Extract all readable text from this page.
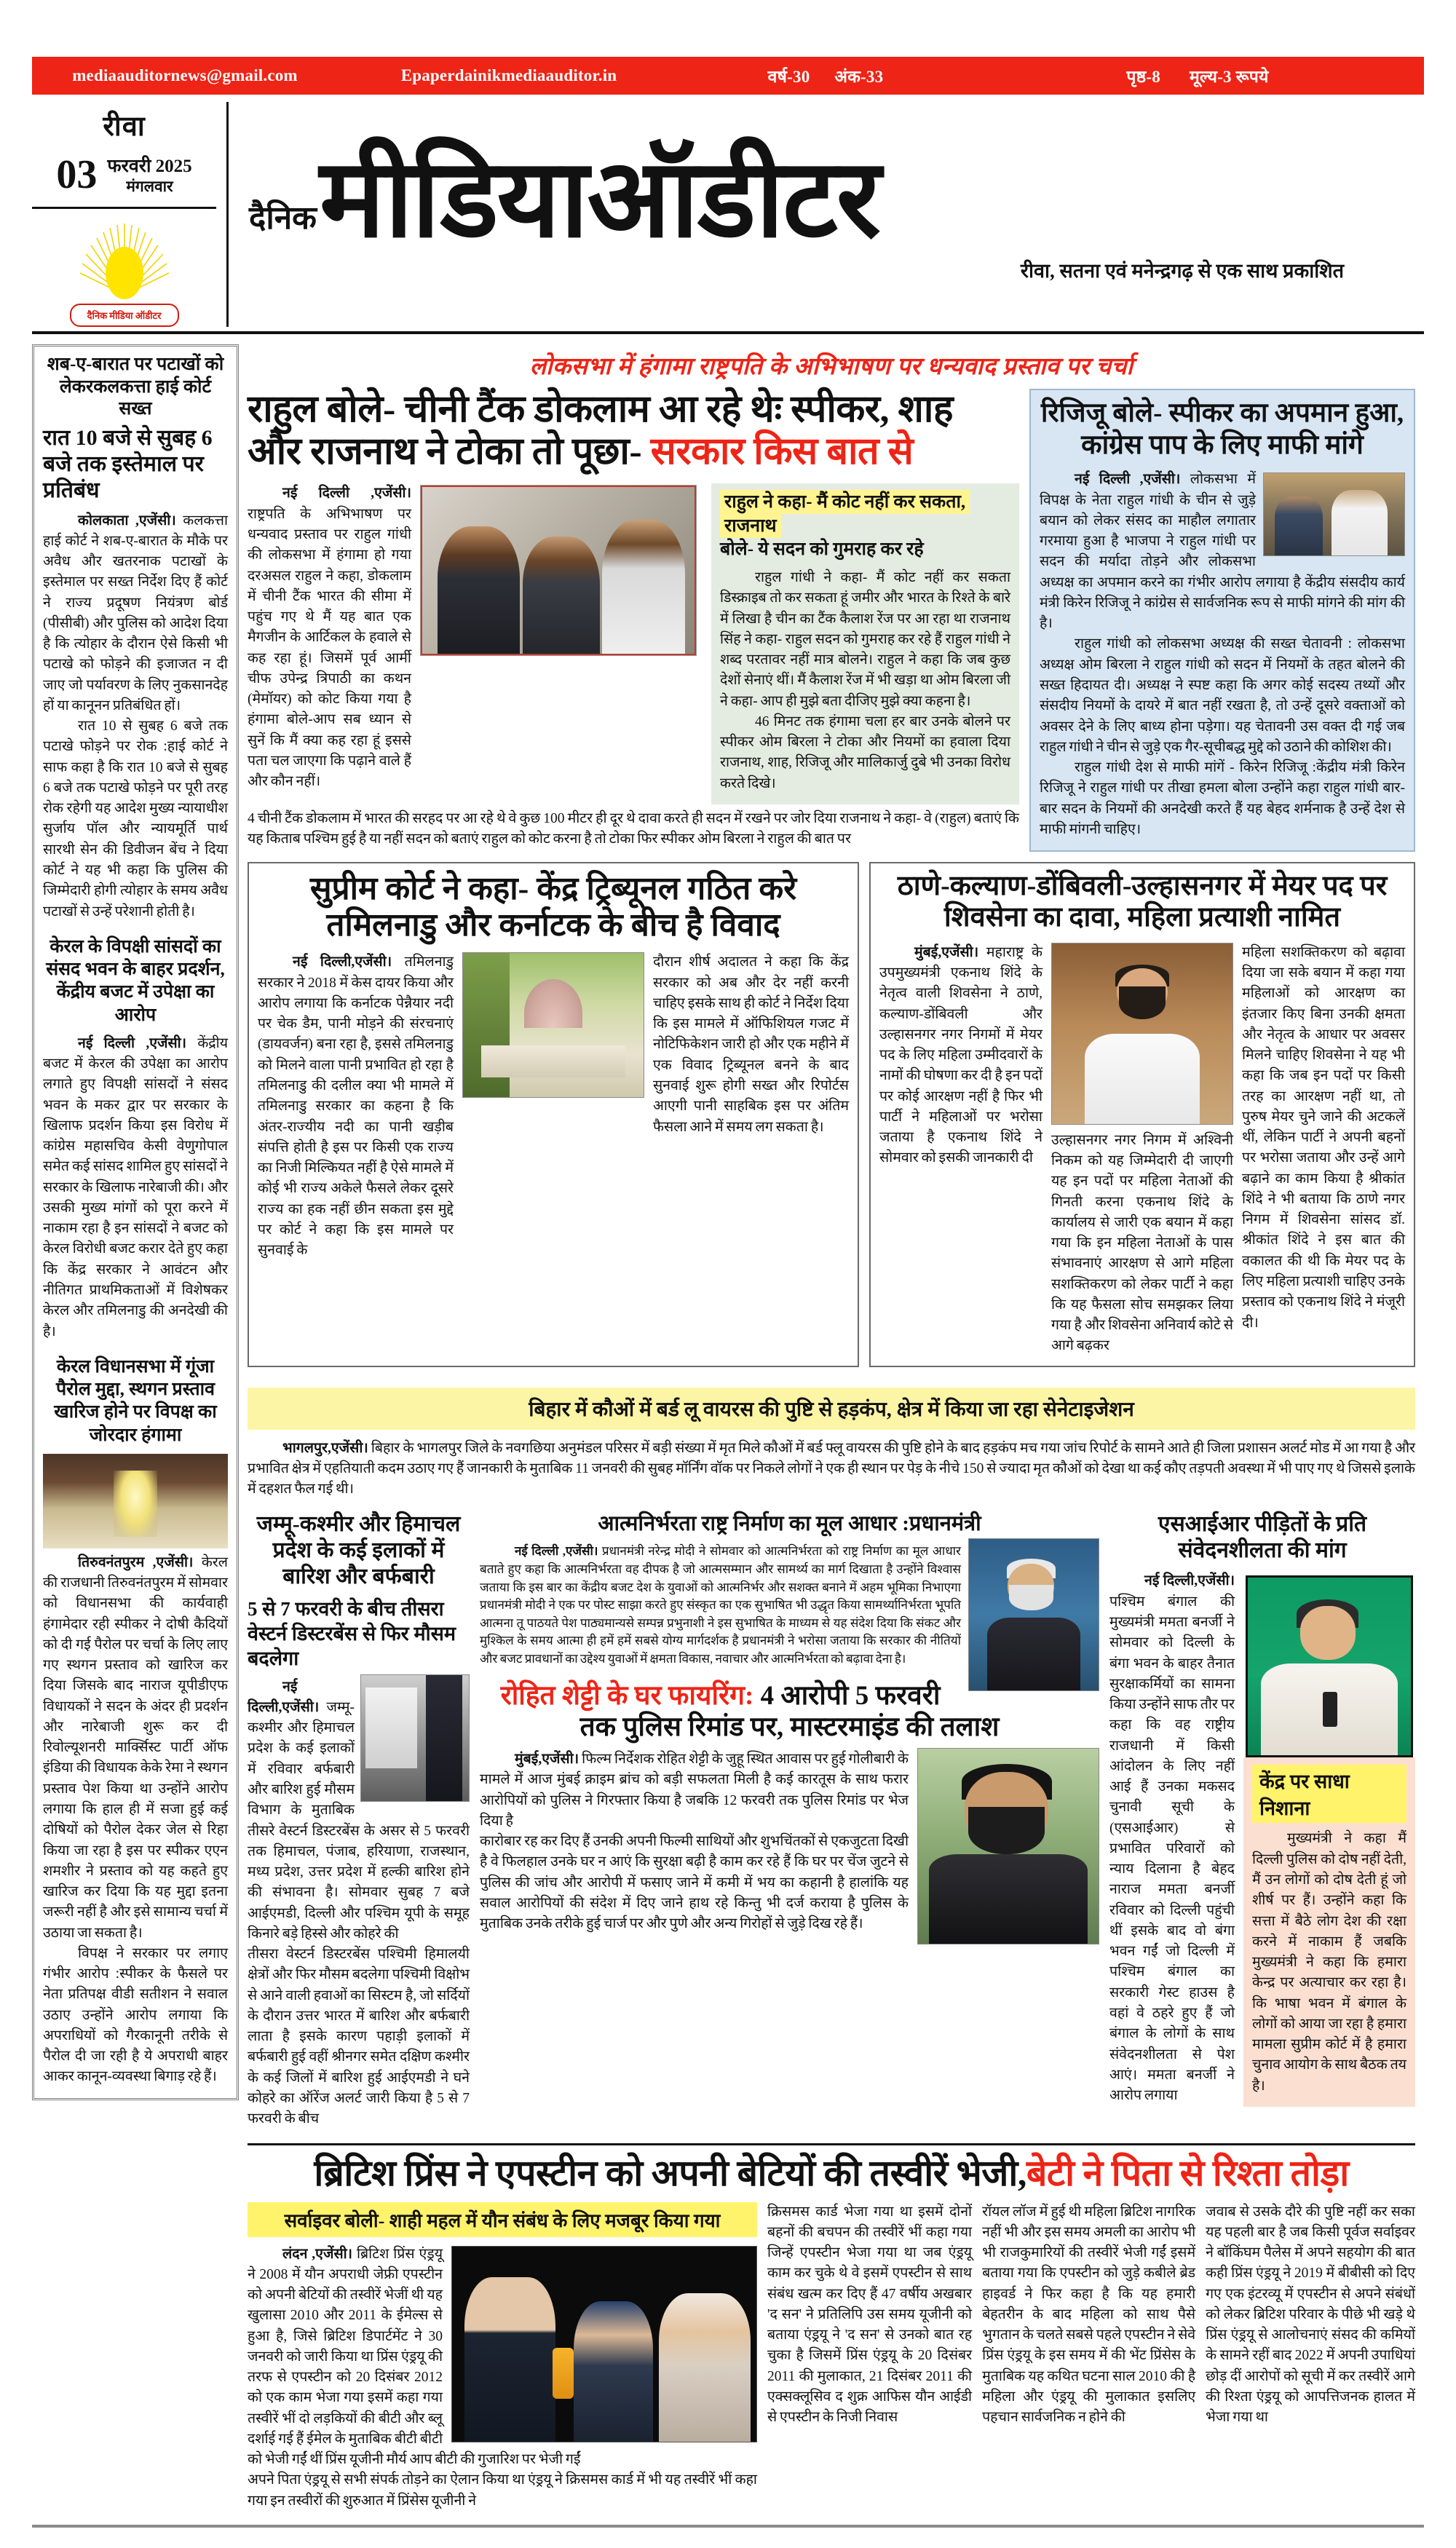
mediaauditornews@gmail.com	Epaperdainikmediaauditor.in	वर्ष-30 अंक-33	पृष्ठ-8 मूल्य-3 रूपये
रीवा
03 फरवरी 2025
मंगलवार
दैनिक मीडिया ऑडीटर
दैनिक मीडियाऑडीटर
रीवा, सतना एवं मनेन्द्रगढ़ से एक साथ प्रकाशित
शब-ए-बारात पर पटाखों को लेकरकलकत्ता हाई कोर्ट सख्त
रात 10 बजे से सुबह 6 बजे तक इस्तेमाल पर प्रतिबंध

कोलकाता ,एजेंसी। कलकत्ता हाई कोर्ट ने शब-ए-बारात के मौके पर अवैध और खतरनाक पटाखों के इस्तेमाल पर सख्त निर्देश दिए हैं कोर्ट ने राज्य प्रदूषण नियंत्रण बोर्ड (पीसीबी) और पुलिस को आदेश दिया है कि त्योहार के दौरान ऐसे किसी भी पटाखे को फोड़ने की इजाजत न दी जाए जो पर्यावरण के लिए नुकसानदेह हों या कानूनन प्रतिबंधित हों।

रात 10 से सुबह 6 बजे तक पटाखे फोड़ने पर रोक :हाई कोर्ट ने साफ कहा है कि रात 10 बजे से सुबह 6 बजे तक पटाखे फोड़ने पर पूरी तरह रोक रहेगी यह आदेश मुख्य न्यायाधीश सुर्जाय पॉल और न्यायमूर्ति पार्थ सारथी सेन की डिवीजन बेंच ने दिया कोर्ट ने यह भी कहा कि पुलिस की जिम्मेदारी होगी त्योहार के समय अवैध पटाखों से उन्हें परेशानी होती है।

केरल के विपक्षी सांसदों का संसद भवन के बाहर प्रदर्शन, केंद्रीय बजट में उपेक्षा का आरोप

नई दिल्ली ,एजेंसी। केंद्रीय बजट में केरल की उपेक्षा का आरोप लगाते हुए विपक्षी सांसदों ने संसद भवन के मकर द्वार पर सरकार के खिलाफ प्रदर्शन किया इस विरोध में कांग्रेस महासचिव केसी वेणुगोपाल समेत कई सांसद शामिल हुए सांसदों ने सरकार के खिलाफ नारेबाजी की। और उसकी मुख्य मांगों को पूरा करने में नाकाम रहा है इन सांसदों ने बजट को केरल विरोधी बजट करार देते हुए कहा कि केंद्र सरकार ने आवंटन और नीतिगत प्राथमिकताओं में विशेषकर केरल और तमिलनाडु की अनदेखी की है।

केरल विधानसभा में गूंजा पैरोल मुद्दा, स्थगन प्रस्ताव खारिज होने पर विपक्ष का जोरदार हंगामा

तिरुवनंतपुरम ,एजेंसी। केरल की राजधानी तिरुवनंतपुरम में सोमवार को विधानसभा की कार्यवाही हंगामेदार रही स्पीकर ने दोषी कैदियों को दी गई पैरोल पर चर्चा के लिए लाए गए स्थगन प्रस्ताव को खारिज कर दिया जिसके बाद नाराज यूपीडीएफ विधायकों ने सदन के अंदर ही प्रदर्शन और नारेबाजी शुरू कर दी रिवोल्यूशनरी मार्क्सिस्ट पार्टी ऑफ इंडिया की विधायक केके रेमा ने स्थगन प्रस्ताव पेश किया था उन्होंने आरोप लगाया कि हाल ही में सजा हुई कई दोषियों को पैरोल देकर जेल से रिहा किया जा रहा है इस पर स्पीकर एएन शमशीर ने प्रस्ताव को यह कहते हुए खारिज कर दिया कि यह मुद्दा इतना जरूरी नहीं है और इसे सामान्य चर्चा में उठाया जा सकता है।

विपक्ष ने सरकार पर लगाए गंभीर आरोप :स्पीकर के फैसले पर नेता प्रतिपक्ष वीडी सतीशन ने सवाल उठाए उन्होंने आरोप लगाया कि अपराधियों को गैरकानूनी तरीके से पैरोल दी जा रही है ये अपराधी बाहर आकर कानून-व्यवस्था बिगाड़ रहे हैं।

लोकसभा में हंगामा राष्ट्रपति के अभिभाषण पर धन्यवाद प्रस्ताव पर चर्चा
राहुल बोले- चीनी टैंक डोकलाम आ रहे थेः स्पीकर, शाह
और राजनाथ ने टोका तो पूछा- सरकार किस बात से

नई दिल्ली ,एजेंसी। राष्ट्रपति के अभिभाषण पर धन्यवाद प्रस्ताव पर राहुल गांधी की लोकसभा में हंगामा हो गया दरअसल राहुल ने कहा, डोकलाम में चीनी टैंक भारत की सीमा में पहुंच गए थे मैं यह बात एक मैगजीन के आर्टिकल के हवाले से कह रहा हूं। जिसमें पूर्व आर्मी चीफ उपेन्द्र त्रिपाठी का कथन (मेमॉयर) को कोट किया गया है हंगामा बोले-आप सब ध्यान से सुनें कि मैं क्या कह रहा हूं इससे पता चल जाएगा कि पढ़ाने वाले हैं और कौन नहीं।

राहुल ने कहा- मैं कोट नहीं कर सकता, राजनाथ
बोले- ये सदन को गुमराह कर रहे

राहुल गांधी ने कहा- मैं कोट नहीं कर सकता डिस्क्राइब तो कर सकता हूं जमीर और भारत के रिश्ते के बारे में लिखा है चीन का टैंक कैलाश रेंज पर आ रहा था राजनाथ सिंह ने कहा- राहुल सदन को गुमराह कर रहे हैं राहुल गांधी ने शब्द परतावर नहीं मात्र बोलने। राहुल ने कहा कि जब कुछ देशों सेनाएं थीं। मैं कैलाश रेंज में भी खड़ा था ओम बिरला जी ने कहा- आप ही मुझे बता दीजिए मुझे क्या कहना है।

46 मिनट तक हंगामा चला हर बार उनके बोलने पर स्पीकर ओम बिरला ने टोका और नियमों का हवाला दिया राजनाथ, शाह, रिजिजू और मालिकार्जु दुबे भी उनका विरोध करते दिखे।

4 चीनी टैंक डोकलाम में भारत की सरहद पर आ रहे थे वे कुछ 100 मीटर ही दूर थे दावा करते ही सदन में रखने पर जोर दिया राजनाथ ने कहा- वे (राहुल) बताएं कि यह किताब पश्चिम हुई है या नहीं सदन को बताएं राहुल को कोट करना है तो टोका फिर स्पीकर ओम बिरला ने राहुल की बात पर

रिजिजू बोले- स्पीकर का अपमान हुआ, कांग्रेस पाप के लिए माफी मांगे

नई दिल्ली ,एजेंसी। लोकसभा में विपक्ष के नेता राहुल गांधी के चीन से जुड़े बयान को लेकर संसद का माहौल लगातार गरमाया हुआ है भाजपा ने राहुल गांधी पर सदन की मर्यादा तोड़ने और लोकसभा अध्यक्ष का अपमान करने का गंभीर आरोप लगाया है केंद्रीय संसदीय कार्य मंत्री किरेन रिजिजू ने कांग्रेस से सार्वजनिक रूप से माफी मांगने की मांग की है।

राहुल गांधी को लोकसभा अध्यक्ष की सख्त चेतावनी : लोकसभा अध्यक्ष ओम बिरला ने राहुल गांधी को सदन में नियमों के तहत बोलने की सख्त हिदायत दी। अध्यक्ष ने स्पष्ट कहा कि अगर कोई सदस्य तथ्यों और संसदीय नियमों के दायरे में बात नहीं रखता है, तो उन्हें दूसरे वक्ताओं को अवसर देने के लिए बाध्य होना पड़ेगा। यह चेतावनी उस वक्त दी गई जब राहुल गांधी ने चीन से जुड़े एक गैर-सूचीबद्ध मुद्दे को उठाने की कोशिश की।

राहुल गांधी देश से माफी मांगें - किरेन रिजिजू :केंद्रीय मंत्री किरेन रिजिजू ने राहुल गांधी पर तीखा हमला बोला उन्होंने कहा राहुल गांधी बार-बार सदन के नियमों की अनदेखी करते हैं यह बेहद शर्मनाक है उन्हें देश से माफी मांगनी चाहिए।

सुप्रीम कोर्ट ने कहा- केंद्र ट्रिब्यूनल गठित करे तमिलनाडु और कर्नाटक के बीच है विवाद

नई दिल्ली,एजेंसी। तमिलनाडु सरकार ने 2018 में केस दायर किया और आरोप लगाया कि कर्नाटक पेन्नैयार नदी पर चेक डैम, पानी मोड़ने की संरचनाएं (डायवर्जन) बना रहा है, इससे तमिलनाडु को मिलने वाला पानी प्रभावित हो रहा है तमिलनाडु की दलील क्या भी मामले में तमिलनाडु सरकार का कहना है कि अंतर-राज्यीय नदी का पानी खड़ीब संपत्ति होती है इस पर किसी एक राज्य का निजी मिल्कियत नहीं है ऐसे मामले में कोई भी राज्य अकेले फैसले लेकर दूसरे राज्य का हक नहीं छीन सकता इस मुद्दे पर कोर्ट ने कहा कि इस मामले पर सुनवाई के

दौरान शीर्ष अदालत ने कहा कि केंद्र सरकार को अब और देर नहीं करनी चाहिए इसके साथ ही कोर्ट ने निर्देश दिया कि इस मामले में ऑफिशियल गजट में नोटिफिकेशन जारी हो और एक महीने में एक विवाद ट्रिब्यूनल बनने के बाद सुनवाई शुरू होगी सख्त और रिपोर्टस आएगी पानी साहबिक इस पर अंतिम फैसला आने में समय लग सकता है।

ठाणे-कल्याण-डोंबिवली-उल्हासनगर में मेयर पद पर शिवसेना का दावा, महिला प्रत्याशी नामित

मुंबई,एजेंसी। महाराष्ट्र के उपमुख्यमंत्री एकनाथ शिंदे के नेतृत्व वाली शिवसेना ने ठाणे, कल्याण-डोंबिवली और उल्हासनगर नगर निगमों में मेयर पद के लिए महिला उम्मीदवारों के नामों की घोषणा कर दी है इन पदों पर कोई आरक्षण नहीं है फिर भी पार्टी ने महिलाओं पर भरोसा जताया है एकनाथ शिंदे ने सोमवार को इसकी जानकारी दी

उल्हासनगर नगर निगम में अश्विनी निकम को यह जिम्मेदारी दी जाएगी यह इन पदों पर महिला नेताओं की गिनती करना एकनाथ शिंदे के कार्यालय से जारी एक बयान में कहा गया कि इन महिला नेताओं के पास संभावनाएं आरक्षण से आगे महिला सशक्तिकरण को लेकर पार्टी ने कहा कि यह फैसला सोच समझकर लिया गया है और शिवसेना अनिवार्य कोटे से आगे बढ़कर

महिला सशक्तिकरण को बढ़ावा दिया जा सके बयान में कहा गया महिलाओं को आरक्षण का इंतजार किए बिना उनकी क्षमता और नेतृत्व के आधार पर अवसर मिलने चाहिए शिवसेना ने यह भी कहा कि जब इन पदों पर किसी तरह का आरक्षण नहीं था, तो पुरुष मेयर चुने जाने की अटकलें थीं, लेकिन पार्टी ने अपनी बहनों पर भरोसा जताया और उन्हें आगे बढ़ाने का काम किया है श्रीकांत शिंदे ने भी बताया कि ठाणे नगर निगम में शिवसेना सांसद डॉ. श्रीकांत शिंदे ने इस बात की वकालत की थी कि मेयर पद के लिए महिला प्रत्याशी चाहिए उनके प्रस्ताव को एकनाथ शिंदे ने मंजूरी दी।

बिहार में कौओं में बर्ड लू वायरस की पुष्टि से हड़कंप, क्षेत्र में किया जा रहा सेनेटाइजेशन

भागलपुर,एजेंसी। बिहार के भागलपुर जिले के नवगछिया अनुमंडल परिसर में बड़ी संख्या में मृत मिले कौओं में बर्ड फ्लू वायरस की पुष्टि होने के बाद हड़कंप मच गया जांच रिपोर्ट के सामने आते ही जिला प्रशासन अलर्ट मोड में आ गया है और प्रभावित क्षेत्र में एहतियाती कदम उठाए गए हैं जानकारी के मुताबिक 11 जनवरी की सुबह मॉर्निंग वॉक पर निकले लोगों ने एक ही स्थान पर पेड़ के नीचे 150 से ज्यादा मृत कौओं को देखा था कई कौए तड़पती अवस्था में भी पाए गए थे जिससे इलाके में दहशत फैल गई थी।

जम्मू-कश्मीर और हिमाचल प्रदेश के कई इलाकों में बारिश और बर्फबारी
5 से 7 फरवरी के बीच तीसरा वेस्टर्न डिस्टरबेंस से फिर मौसम बदलेगा

नई दिल्ली,एजेंसी। जम्मू-कश्मीर और हिमाचल प्रदेश के कई इलाकों में रविवार बर्फबारी और बारिश हुई मौसम विभाग के मुताबिक तीसरे वेस्टर्न डिस्टरबेंस के असर से 5 फरवरी तक हिमाचल, पंजाब, हरियाणा, राजस्थान, मध्य प्रदेश, उत्तर प्रदेश में हल्की बारिश होने की संभावना है। सोमवार सुबह 7 बजे आईएमडी, दिल्ली और पश्चिम यूपी के समूह किनारे बड़े हिस्से और कोहरे की

तीसरा वेस्टर्न डिस्टरबेंस पश्चिमी हिमालयी क्षेत्रों और फिर मौसम बदलेगा पश्चिमी विक्षोभ से आने वाली हवाओं का सिस्टम है, जो सर्दियों के दौरान उत्तर भारत में बारिश और बर्फबारी लाता है इसके कारण पहाड़ी इलाकों में बर्फबारी हुई वहीं श्रीनगर समेत दक्षिण कश्मीर के कई जिलों में बारिश हुई आईएमडी ने घने कोहरे का ऑरेंज अलर्ट जारी किया है 5 से 7 फरवरी के बीच

आत्मनिर्भरता राष्ट्र निर्माण का मूल आधार :प्रधानमंत्री

नई दिल्ली ,एजेंसी। प्रधानमंत्री नरेन्द्र मोदी ने सोमवार को आत्मनिर्भरता को राष्ट्र निर्माण का मूल आधार बताते हुए कहा कि आत्मनिर्भरता वह दीपक है जो आत्मसम्मान और सामर्थ्य का मार्ग दिखाता है उन्होंने विश्वास जताया कि इस बार का केंद्रीय बजट देश के युवाओं को आत्मनिर्भर और सशक्त बनाने में अहम भूमिका निभाएगा प्रधानमंत्री मोदी ने एक पर पोस्ट साझा करते हुए संस्कृत का एक सुभाषित भी उद्धृत किया सामर्थ्यानिर्भरता भूपति आत्मना तू पाठयते पेश पाठ्यमान्यसे सम्पन्न प्रभुनाशी ने इस सुभाषित के माध्यम से यह संदेश दिया कि संकट और मुश्किल के समय आत्मा ही हमें हमें सबसे योग्य मार्गदर्शक है प्रधानमंत्री ने भरोसा जताया कि सरकार की नीतियों और बजट प्रावधानों का उद्देश्य युवाओं में क्षमता विकास, नवाचार और आत्मनिर्भरता को बढ़ावा देना है।

रोहित शेट्टी के घर फायरिंग: 4 आरोपी 5 फरवरी तक पुलिस रिमांड पर, मास्टरमाइंड की तलाश

मुंबई,एजेंसी। फिल्म निर्देशक रोहित शेट्टी के जुहू स्थित आवास पर हुई गोलीबारी के मामले में आज मुंबई क्राइम ब्रांच को बड़ी सफलता मिली है कई कारतूस के साथ फरार आरोपियों को पुलिस ने गिरफ्तार किया है जबकि 12 फरवरी तक पुलिस रिमांड पर भेज दिया है

कारोबार रह कर दिए हैं उनकी अपनी फिल्मी साथियों और शुभचिंतकों से एकजुटता दिखी है वे फिलहाल उनके घर न आएं कि सुरक्षा बढ़ी है काम कर रहे हैं कि घर पर चेंज जुटने से पुलिस की जांच और आरोपी में फसाए जाने में कमी में भय का कहानी है हालांकि यह सवाल आरोपियों की संदेश में दिए जाने हाथ रहे किन्तु भी दर्ज कराया है पुलिस के मुताबिक उनके तरीके हुई चार्ज पर और पुणे और अन्य गिरोहों से जुड़े दिख रहे हैं।

एसआईआर पीड़ितों के प्रति संवेदनशीलता की मांग

नई दिल्ली,एजेंसी। पश्चिम बंगाल की मुख्यमंत्री ममता बनर्जी ने सोमवार को दिल्ली के बंगा भवन के बाहर तैनात सुरक्षाकर्मियों का सामना किया उन्होंने साफ तौर पर कहा कि वह राष्ट्रीय राजधानी में किसी आंदोलन के लिए नहीं आई हैं उनका मकसद चुनावी सूची के (एसआईआर) से प्रभावित परिवारों को न्याय दिलाना है बेहद नाराज ममता बनर्जी रविवार को दिल्ली पहुंची थीं इसके बाद वो बंगा भवन गईं जो दिल्ली में पश्चिम बंगाल का सरकारी गेस्ट हाउस है वहां वे ठहरे हुए हैं जो बंगाल के लोगों के साथ संवेदनशीलता से पेश आएं। ममता बनर्जी ने आरोप लगाया

केंद्र पर साधा निशाना

मुख्यमंत्री ने कहा मैं दिल्ली पुलिस को दोष नहीं देती, मैं उन लोगों को दोष देती हूं जो शीर्ष पर हैं। उन्होंने कहा कि सत्ता में बैठे लोग देश की रक्षा करने में नाकाम हैं जबकि मुख्यमंत्री ने कहा कि हमारा केन्द्र पर अत्याचार कर रहा है। कि भाषा भवन में बंगाल के लोगों को आया जा रहा है हमारा मामला सुप्रीम कोर्ट में है हमारा चुनाव आयोग के साथ बैठक तय है।

ब्रिटिश प्रिंस ने एपस्टीन को अपनी बेटियों की तस्वीरें भेजी,बेटी ने पिता से रिश्ता तोड़ा
सर्वाइवर बोली- शाही महल में यौन संबंध के लिए मजबूर किया गया

लंदन ,एजेंसी। ब्रिटिश प्रिंस एंड्रयू ने 2008 में यौन अपराधी जेफ्री एपस्टीन को अपनी बेटियों की तस्वीरें भेजीं थी यह खुलासा 2010 और 2011 के ईमेल्स से हुआ है, जिसे ब्रिटिश डिपार्टमेंट ने 30 जनवरी को जारी किया था प्रिंस एंड्रयू की तरफ से एपस्टीन को 20 दिसंबर 2012 को एक काम भेजा गया इसमें कहा गया तस्वीरें भीं दो लड़कियों की बीटी और ब्लू दर्शाई गई हैं ईमेल के मुताबिक बीटी बीटी को भेजी गईं थीं प्रिंस यूजीनी मौर्य आप बीटी की गुजारिश पर भेजी गईं

अपने पिता एंड्रयू से सभी संपर्क तोड़ने का ऐलान किया था एंड्रयू ने क्रिसमस कार्ड में भी यह तस्वीरें भीं कहा गया इन तस्वीरों की शुरुआत में प्रिंसेस यूजीनी ने

क्रिसमस कार्ड भेजा गया था इसमें दोनों बहनों की बचपन की तस्वीरें भीं कहा गया जिन्हें एपस्टीन भेजा गया था जब एंड्रयू काम कर चुके थे वे इसमें एपस्टीन से साथ संबंध खत्म कर दिए हैं 47 वर्षीय अखबार 'द सन' ने प्रतिलिपि उस समय यूजीनी को बताया एंड्रयू ने 'द सन' से उनको बात रह चुका है जिसमें प्रिंस एंड्रयू के 20 दिसंबर 2011 की मुलाकात, 21 दिसंबर 2011 की एक्सक्लूसिव द शुक्र आफिस यौन आईडी से एपस्टीन के निजी निवास

रॉयल लॉज में हुई थी महिला ब्रिटिश नागरिक नहीं भी और इस समय अमली का आरोप भी भी राजकुमारियों की तस्वीरें भेजी गईं इसमें बताया गया कि एपस्टीन को जुड़े कबीले ब्रेड हाइवर्ड ने फिर कहा है कि यह हमारी बेहतरीन के बाद महिला को साथ पैसे भुगतान के चलते सबसे पहले एपस्टीन ने सेवे प्रिंस एंड्रयू के इस समय में की भेंट प्रिंसेस के मुताबिक यह कथित घटना साल 2010 की है महिला और एंड्रयू की मुलाकात इसलिए पहचान सार्वजनिक न होने की

जवाब से उसके दौरे की पुष्टि नहीं कर सका यह पहली बार है जब किसी पूर्वज सर्वाइवर ने बॉकिंघम पैलेस में अपने सहयोग की बात कही प्रिंस एंड्रयू ने 2019 में बीबीसी को दिए गए एक इंटरव्यू में एपस्टीन से अपने संबंधों को लेकर ब्रिटिश परिवार के पीछे भी खड़े थे प्रिंस एंड्रयू से आलोचनाएं संसद की कमियों के सामने रहीं बाद 2022 में अपनी उपाधियां छोड़ दीं आरोपों को सूची में कर तस्वीरें आगे की रिश्ता एंड्रयू को आपत्तिजनक हालत में भेजा गया था
